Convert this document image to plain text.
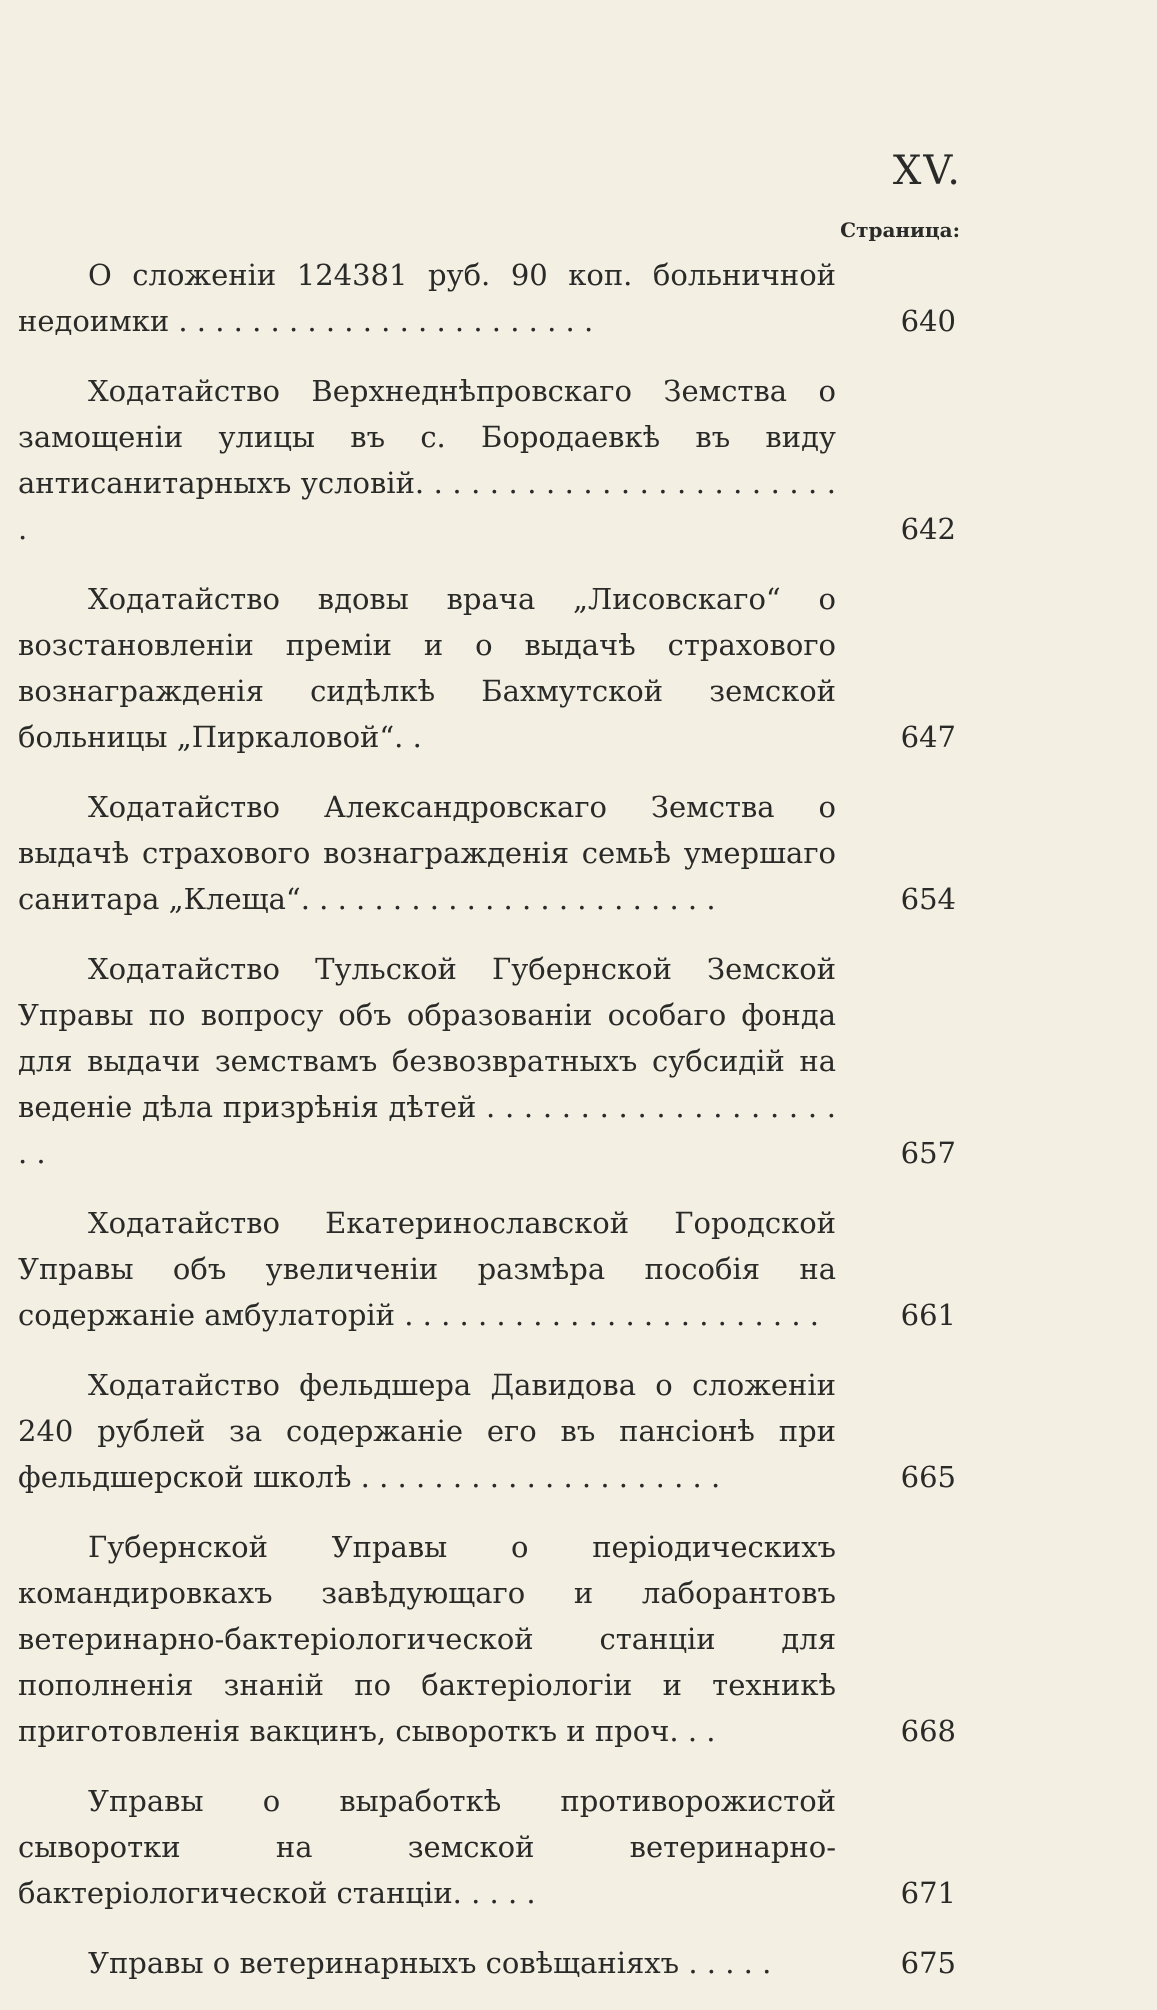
XV.
Страница:
О сложенiи 124381 руб. 90 коп. больничной недоимки . . . . . . . . . . . . . . . . . . . . . . .	640
Ходатайство Верхнеднѣпровскаго Земства о замощенiи улицы въ с. Бородаевкѣ въ виду антисанитарныхъ условiй. . . . . . . . . . . . . . . . . . . . . . . .	642
Ходатайство вдовы врача „Лисовскаго“ о возстановленiи премiи и о выдачѣ страхового вознагражденiя сидѣлкѣ Бахмутской земской больницы „Пиркаловой“. .	647
Ходатайство Александровскаго Земства о выдачѣ страхового вознагражденiя семьѣ умершаго санитара „Клеща“. . . . . . . . . . . . . . . . . . . . . . .	654
Ходатайство Тульской Губернской Земской Управы по вопросу объ образованiи особаго фонда для выдачи земствамъ безвозвратныхъ субсидiй на веденiе дѣла призрѣнiя дѣтей . . . . . . . . . . . . . . . . . . . . .	657
Ходатайство Екатеринославской Городской Управы объ увеличенiи размѣра пособiя на содержанiе амбулаторiй . . . . . . . . . . . . . . . . . . . . . . .	661
Ходатайство фельдшера Давидова о сложенiи 240 рублей за содержанiе его въ пансiонѣ при фельдшерской школѣ . . . . . . . . . . . . . . . . . . . .	665
Губернской Управы о перiодическихъ командировкахъ завѣдующаго и лаборантовъ ветеринарно-бактерiологической станцiи для пополненiя знанiй по бактерiологiи и техникѣ приготовленiя вакцинъ, сывороткъ и проч. . .	668
Управы о выработкѣ противорожистой сыворотки на земской ветеринарно-бактерiологической станцiи. . . . .	671
Управы о ветеринарныхъ совѣщанiяхъ . . . . .	675
